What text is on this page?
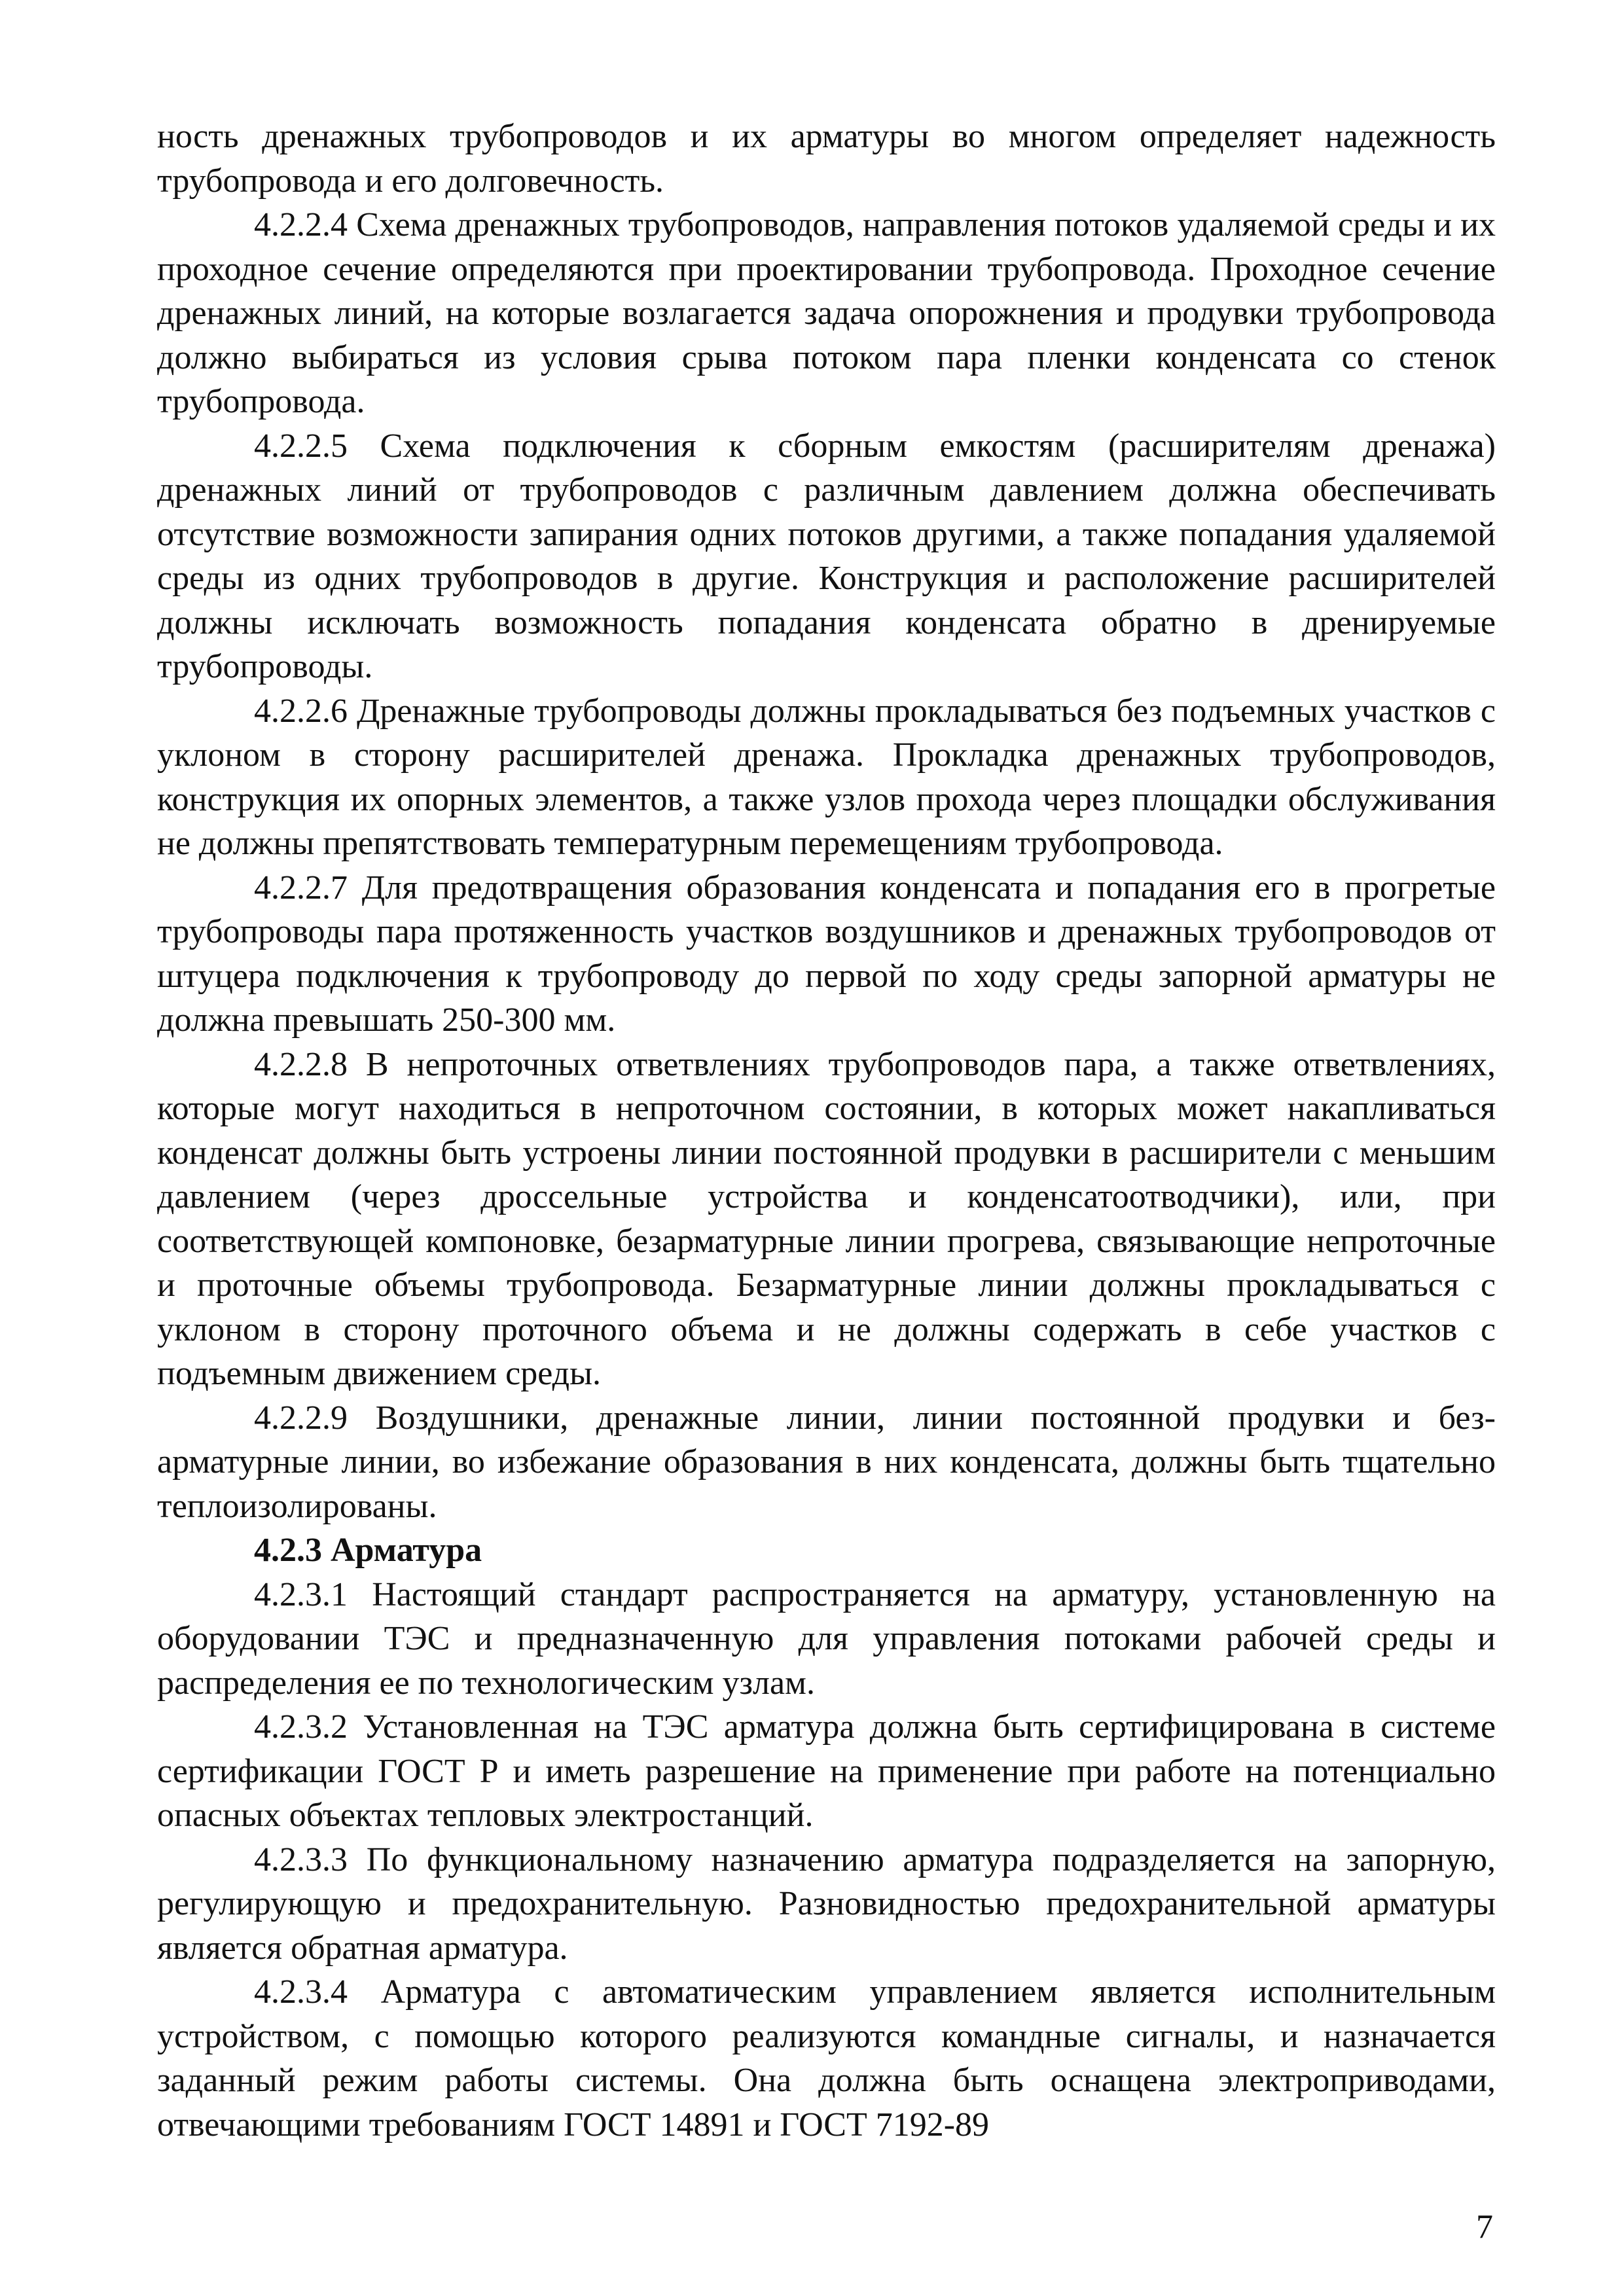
ность дренажных трубопроводов и их арматуры во многом определяет надежность трубопровода и его долговечность.

4.2.2.4 Схема дренажных трубопроводов, направления потоков удаляемой среды и их проходное сечение определяются при проектировании трубопровода. Проходное сечение дренажных линий, на которые возлагается задача опорожнения и продувки трубопровода должно выбираться из условия срыва потоком пара пленки конденсата со стенок трубопровода.

4.2.2.5 Схема подключения к сборным емкостям (расширителям дренажа) дренажных линий от трубопроводов с различным давлением должна обеспечивать отсутствие возможности запирания одних потоков другими, а также попадания удаляемой среды из одних трубопроводов в другие. Конструкция и расположение расширителей должны исключать возможность попадания конденсата обратно в дренируемые трубопроводы.

4.2.2.6 Дренажные трубопроводы должны прокладываться без подъемных участков с уклоном в сторону расширителей дренажа. Прокладка дренажных трубопроводов, конструкция их опорных элементов, а также узлов прохода через площадки обслуживания не должны препятствовать температурным перемещениям трубопровода.

4.2.2.7 Для предотвращения образования конденсата и попадания его в прогретые трубопроводы пара протяженность участков воздушников и дренажных трубопроводов от штуцера подключения к трубопроводу до первой по ходу среды запорной арматуры не должна превышать 250-300 мм.

4.2.2.8 В непроточных ответвлениях трубопроводов пара, а также ответвлениях, которые могут находиться в непроточном состоянии, в которых может накапливаться конденсат должны быть устроены линии постоянной продувки в расширители с меньшим давлением (через дроссельные устройства и конденсатоотводчики), или, при соответствующей компоновке, безарматурные линии прогрева, связывающие непроточные и проточные объемы трубопровода. Безарматурные линии должны прокладываться с уклоном в сторону проточного объема и не должны содержать в себе участков с подъемным движением среды.

4.2.2.9 Воздушники, дренажные линии, линии постоянной продувки и безарматурные линии, во избежание образования в них конденсата, должны быть тщательно теплоизолированы.

4.2.3 Арматура

4.2.3.1 Настоящий стандарт распространяется на арматуру, установленную на оборудовании ТЭС и предназначенную для управления потоками рабочей среды и распределения ее по технологическим узлам.

4.2.3.2 Установленная на ТЭС арматура должна быть сертифицирована в системе сертификации ГОСТ Р и иметь разрешение на применение при работе на потенциально опасных объектах тепловых электростанций.

4.2.3.3 По функциональному назначению арматура подразделяется на запорную, регулирующую и предохранительную. Разновидностью предохранительной арматуры является обратная арматура.

4.2.3.4 Арматура с автоматическим управлением является исполнительным устройством, с помощью которого реализуются командные сигналы, и назначается заданный режим работы системы. Она должна быть оснащена электроприводами, отвечающими требованиям ГОСТ 14891 и ГОСТ 7192-89

7
